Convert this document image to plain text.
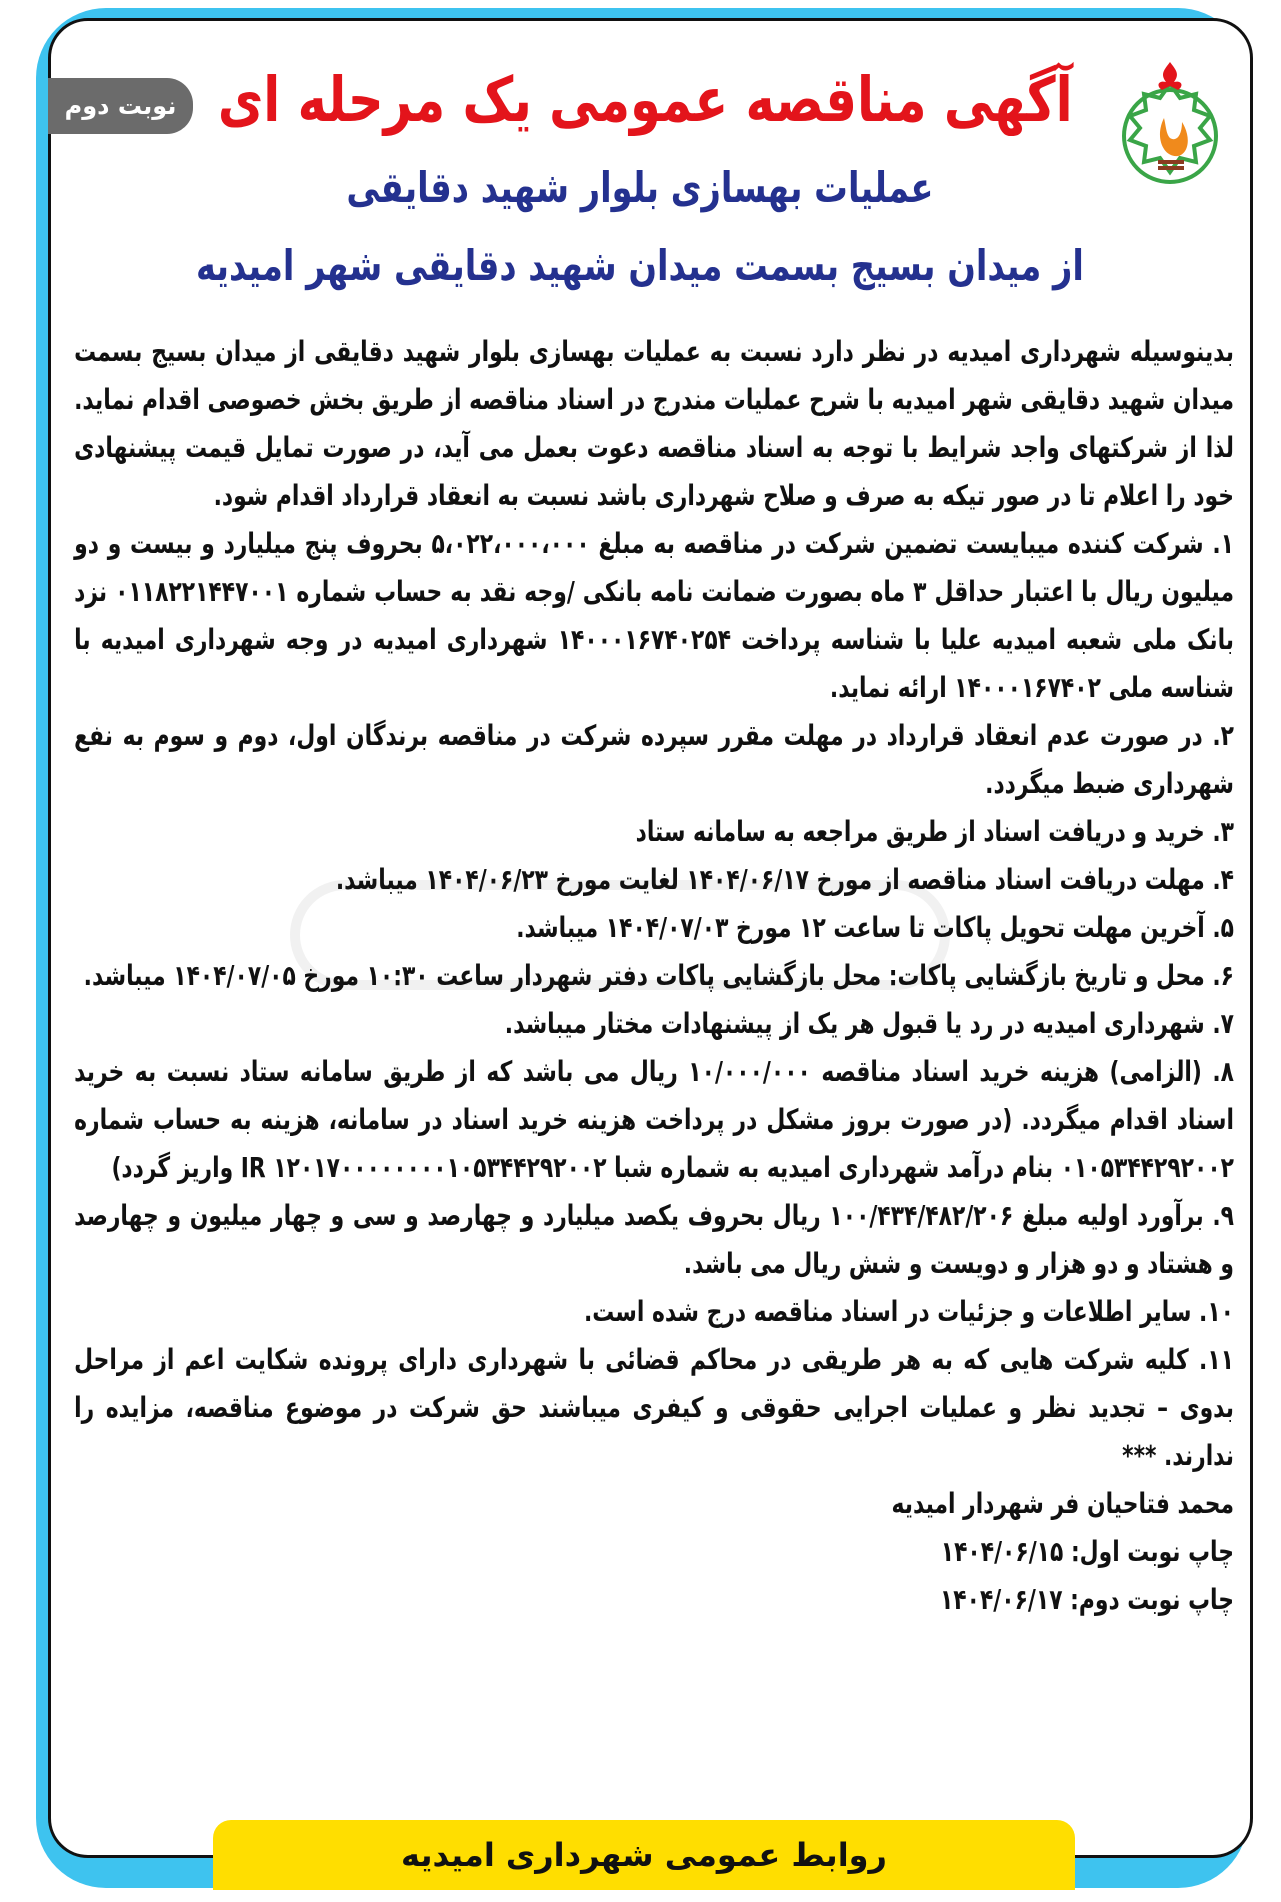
نوبت دوم آگهی مناقصه عمومی یک مرحله ای
عملیات بهسازی بلوار شهید دقایقی
از میدان بسیج بسمت میدان شهید دقایقی شهر امیدیه

بدینوسیله شهرداری امیدیه در نظر دارد نسبت به عملیات بهسازی بلوار شهید دقایقی از میدان بسیج بسمت میدان شهید دقایقی شهر امیدیه با شرح عملیات مندرج در اسناد مناقصه از طریق بخش خصوصی اقدام نماید. لذا از شرکتهای واجد شرایط با توجه به اسناد مناقصه دعوت بعمل می آید، در صورت تمایل قیمت پیشنهادی خود را اعلام تا در صور تیکه به صرف و صلاح شهرداری باشد نسبت به انعقاد قرارداد اقدام شود.

۱. شرکت کننده میبایست تضمین شرکت در مناقصه به مبلغ ۵،۰۲۲،۰۰۰،۰۰۰ بحروف پنج میلیارد و بیست و دو میلیون ریال با اعتبار حداقل ۳ ماه بصورت ضمانت نامه بانکی /وجه نقد به حساب شماره ۰۱۱۸۲۲۱۴۴۷۰۰۱ نزد بانک ملی شعبه امیدیه علیا با شناسه پرداخت ۱۴۰۰۰۱۶۷۴۰۲۵۴ شهرداری امیدیه در وجه شهرداری امیدیه با شناسه ملی ۱۴۰۰۰۱۶۷۴۰۲ ارائه نماید.

۲. در صورت عدم انعقاد قرارداد در مهلت مقرر سپرده شرکت در مناقصه برندگان اول، دوم و سوم به نفع شهرداری ضبط میگردد.

۳. خرید و دریافت اسناد از طریق مراجعه به سامانه ستاد

۴. مهلت دریافت اسناد مناقصه از مورخ ۱۴۰۴/۰۶/۱۷ لغایت مورخ ۱۴۰۴/۰۶/۲۳ میباشد.

۵. آخرین مهلت تحویل پاکات تا ساعت ۱۲ مورخ ۱۴۰۴/۰۷/۰۳ میباشد.

۶. محل و تاریخ بازگشایی پاکات: محل بازگشایی پاکات دفتر شهردار ساعت ۱۰:۳۰ مورخ ۱۴۰۴/۰۷/۰۵ میباشد.

۷. شهرداری امیدیه در رد یا قبول هر یک از پیشنهادات مختار میباشد.

۸. (الزامی) هزینه خرید اسناد مناقصه ۱۰/۰۰۰/۰۰۰ ریال می باشد که از طریق سامانه ستاد نسبت به خرید اسناد اقدام میگردد. (در صورت بروز مشکل در پرداخت هزینه خرید اسناد در سامانه، هزینه به حساب شماره ۰۱۰۵۳۴۴۲۹۲۰۰۲ بنام درآمد شهرداری امیدیه به شماره شبا IR ۱۲۰۱۷۰۰۰۰۰۰۰۰۱۰۵۳۴۴۲۹۲۰۰۲ واریز گردد)

۹. برآورد اولیه مبلغ ۱۰۰/۴۳۴/۴۸۲/۲۰۶ ریال بحروف یکصد میلیارد و چهارصد و سی و چهار میلیون و چهارصد و هشتاد و دو هزار و دویست و شش ریال می باشد.

۱۰. سایر اطلاعات و جزئیات در اسناد مناقصه درج شده است.

۱۱. کلیه شرکت هایی که به هر طریقی در محاکم قضائی با شهرداری دارای پرونده شکایت اعم از مراحل بدوی – تجدید نظر و عملیات اجرایی حقوقی و کیفری میباشند حق شرکت در موضوع مناقصه، مزایده را ندارند. ***

محمد فتاحیان فر شهردار امیدیه

چاپ نوبت اول: ۱۴۰۴/۰۶/۱۵

چاپ نوبت دوم: ۱۴۰۴/۰۶/۱۷

روابط عمومی شهرداری امیدیه
